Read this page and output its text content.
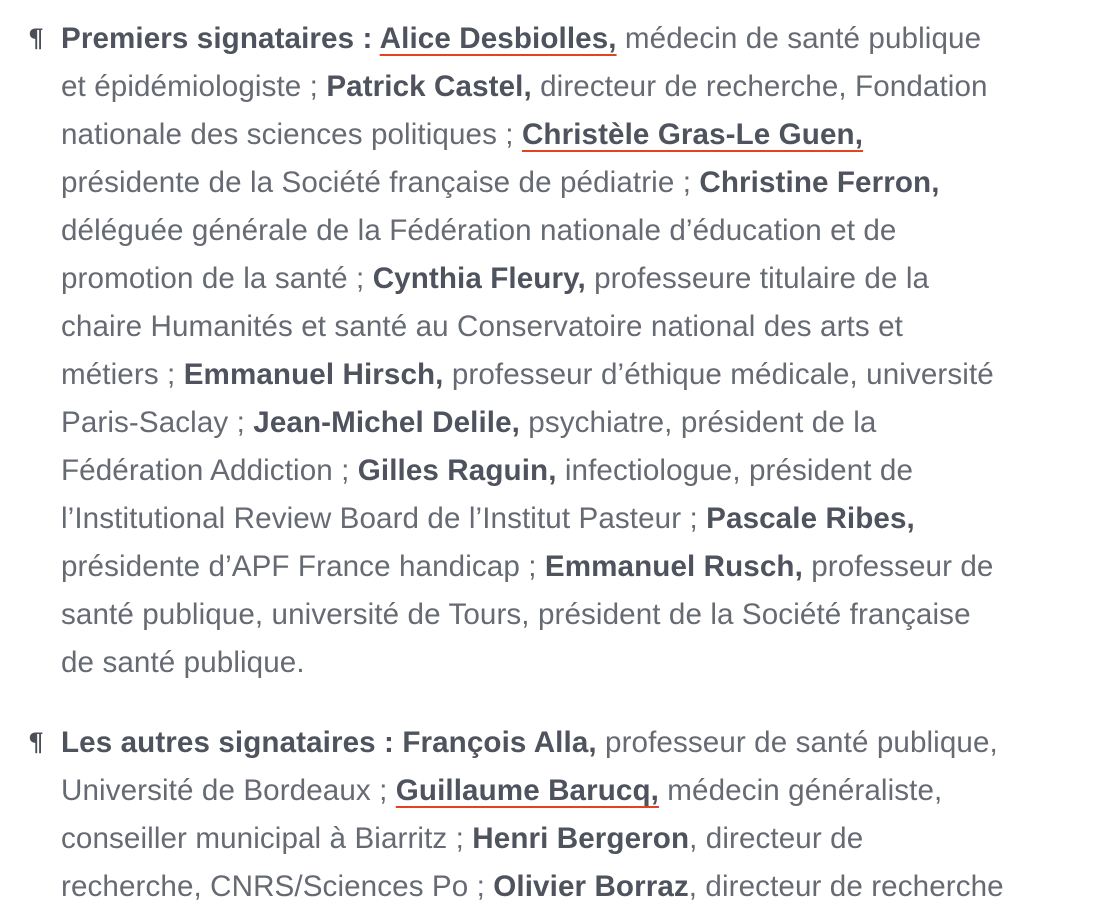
¶ Premiers signataires : Alice Desbiolles, médecin de santé publique
et épidémiologiste ; Patrick Castel, directeur de recherche, Fondation
nationale des sciences politiques ; Christèle Gras-Le Guen,
présidente de la Société française de pédiatrie ; Christine Ferron,
déléguée générale de la Fédération nationale d’éducation et de
promotion de la santé ; Cynthia Fleury, professeure titulaire de la
chaire Humanités et santé au Conservatoire national des arts et
métiers ; Emmanuel Hirsch, professeur d’éthique médicale, université
Paris-Saclay ; Jean-Michel Delile, psychiatre, président de la
Fédération Addiction ; Gilles Raguin, infectiologue, président de
l’Institutional Review Board de l’Institut Pasteur ; Pascale Ribes,
présidente d’APF France handicap ; Emmanuel Rusch, professeur de
santé publique, université de Tours, président de la Société française
de santé publique.
¶ Les autres signataires : François Alla, professeur de santé publique,
Université de Bordeaux ; Guillaume Barucq, médecin généraliste,
conseiller municipal à Biarritz ; Henri Bergeron, directeur de
recherche, CNRS/Sciences Po ; Olivier Borraz, directeur de recherche
